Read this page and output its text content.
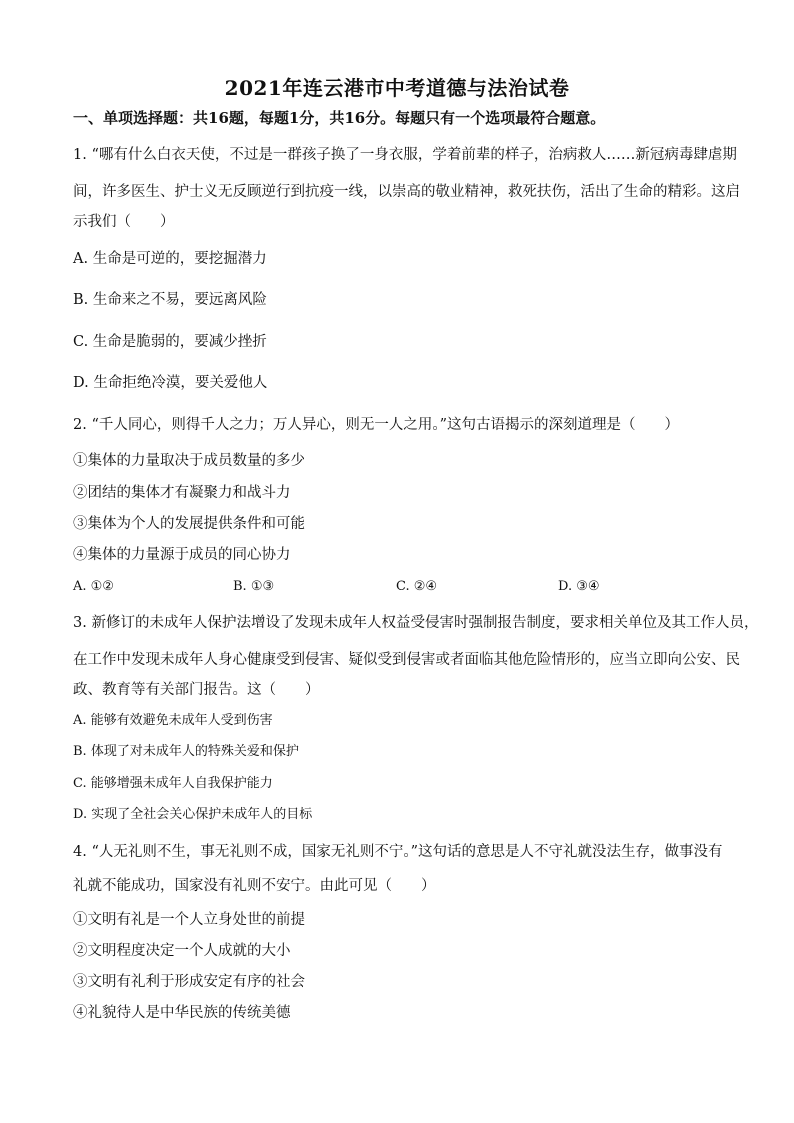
2021年连云港市中考道德与法治试卷
一、单项选择题：共16题，每题1分，共16分。每题只有一个选项最符合题意。
1. “哪有什么白衣天使，不过是一群孩子换了一身衣服，学着前辈的样子，治病救人……新冠病毒肆虐期
间，许多医生、护士义无反顾逆行到抗疫一线，以崇高的敬业精神，救死扶伤，活出了生命的精彩。这启
示我们（　　）
A. 生命是可逆的，要挖掘潜力
B. 生命来之不易，要远离风险
C. 生命是脆弱的，要减少挫折
D. 生命拒绝冷漠，要关爱他人
2. “千人同心，则得千人之力；万人异心，则无一人之用。”这句古语揭示的深刻道理是（　　）
①集体的力量取决于成员数量的多少
②团结的集体才有凝聚力和战斗力
③集体为个人的发展提供条件和可能
④集体的力量源于成员的同心协力
A. ①②	B. ①③	C. ②④	D. ③④
3. 新修订的未成年人保护法增设了发现未成年人权益受侵害时强制报告制度，要求相关单位及其工作人员，
在工作中发现未成年人身心健康受到侵害、疑似受到侵害或者面临其他危险情形的，应当立即向公安、民
政、教育等有关部门报告。这（　　）
A. 能够有效避免未成年人受到伤害
B. 体现了对未成年人的特殊关爱和保护
C. 能够增强未成年人自我保护能力
D. 实现了全社会关心保护未成年人的目标
4. “人无礼则不生，事无礼则不成，国家无礼则不宁。”这句话的意思是人不守礼就没法生存，做事没有
礼就不能成功，国家没有礼则不安宁。由此可见（　　）
①文明有礼是一个人立身处世的前提
②文明程度决定一个人成就的大小
③文明有礼利于形成安定有序的社会
④礼貌待人是中华民族的传统美德
